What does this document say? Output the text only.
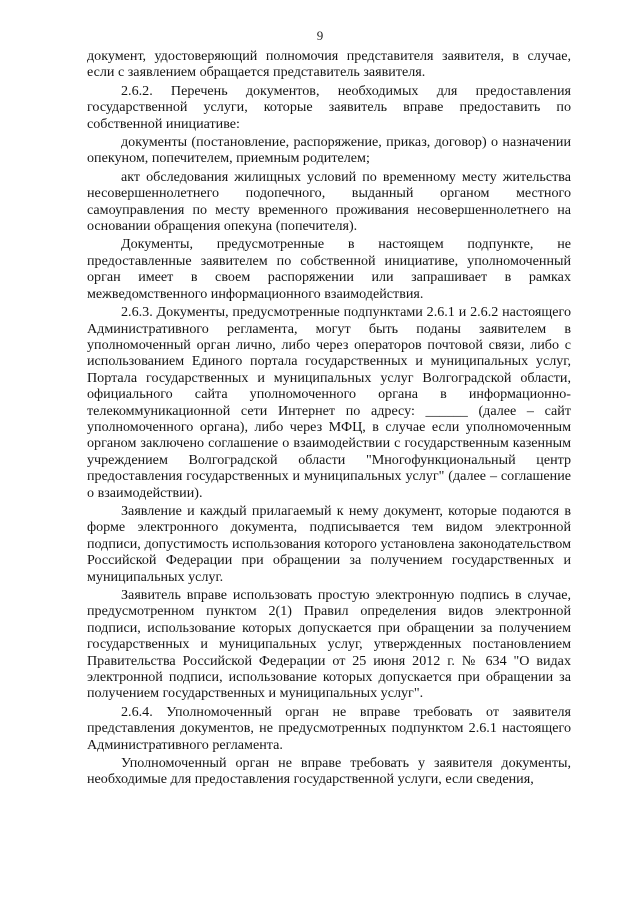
9

документ, удостоверяющий полномочия представителя заявителя, в случае, если с заявлением обращается представитель заявителя.

2.6.2. Перечень документов, необходимых для предоставления государственной услуги, которые заявитель вправе предоставить по собственной инициативе:

документы (постановление, распоряжение, приказ, договор) о назначении опекуном, попечителем, приемным родителем;

акт обследования жилищных условий по временному месту жительства несовершеннолетнего подопечного, выданный органом местного самоуправления по месту временного проживания несовершеннолетнего на основании обращения опекуна (попечителя).

Документы, предусмотренные в настоящем подпункте, не предоставленные заявителем по собственной инициативе, уполномоченный орган имеет в своем распоряжении или запрашивает в рамках межведомственного информационного взаимодействия.

2.6.3. Документы, предусмотренные подпунктами 2.6.1 и 2.6.2 настоящего Административного регламента, могут быть поданы заявителем в уполномоченный орган лично, либо через операторов почтовой связи, либо с использованием Единого портала государственных и муниципальных услуг, Портала государственных и муниципальных услуг Волгоградской области, официального сайта уполномоченного органа в информационно-телекоммуникационной сети Интернет по адресу: ______ (далее – сайт уполномоченного органа), либо через МФЦ, в случае если уполномоченным органом заключено соглашение о взаимодействии с государственным казенным учреждением Волгоградской области "Многофункциональный центр предоставления государственных и муниципальных услуг" (далее – соглашение о взаимодействии).

Заявление и каждый прилагаемый к нему документ, которые подаются в форме электронного документа, подписывается тем видом электронной подписи, допустимость использования которого установлена законодательством Российской Федерации при обращении за получением государственных и муниципальных услуг.

Заявитель вправе использовать простую электронную подпись в случае, предусмотренном пунктом 2(1) Правил определения видов электронной подписи, использование которых допускается при обращении за получением государственных и муниципальных услуг, утвержденных постановлением Правительства Российской Федерации от 25 июня 2012 г. № 634 "О видах электронной подписи, использование которых допускается при обращении за получением государственных и муниципальных услуг".

2.6.4. Уполномоченный орган не вправе требовать от заявителя представления документов, не предусмотренных подпунктом 2.6.1 настоящего Административного регламента.

Уполномоченный орган не вправе требовать у заявителя документы, необходимые для предоставления государственной услуги, если сведения,
